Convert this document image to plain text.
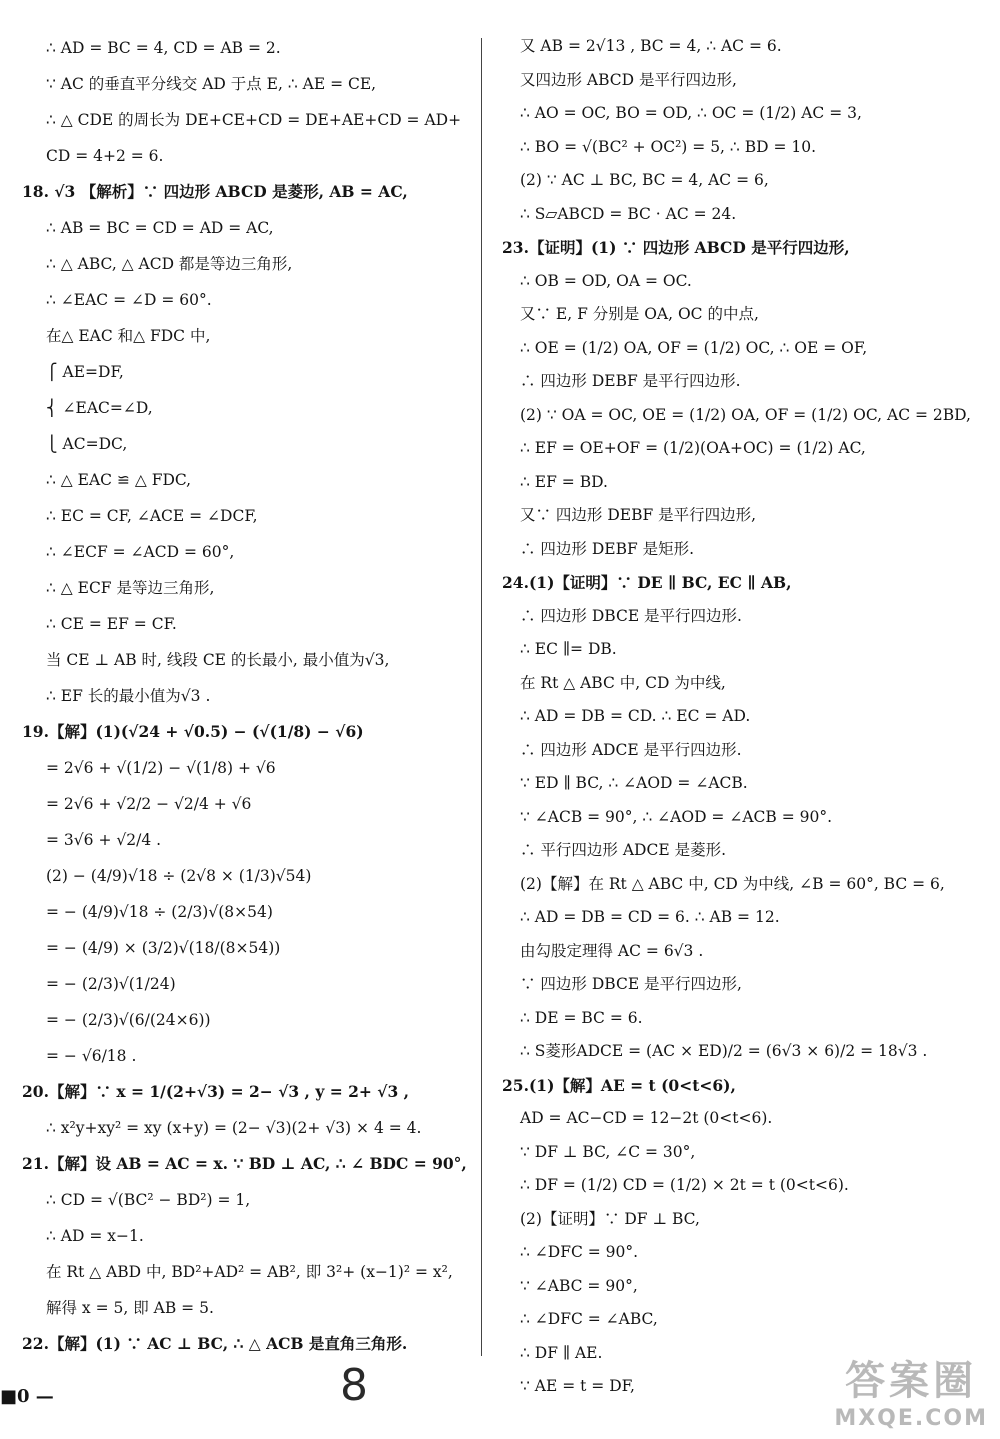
∴ AD = BC = 4, CD = AB = 2.

∵ AC 的垂直平分线交 AD 于点 E, ∴ AE = CE,

∴ △ CDE 的周长为 DE+CE+CD = DE+AE+CD = AD+

CD = 4+2 = 6.

18. √3 【解析】∵ 四边形 ABCD 是菱形, AB = AC,

∴ AB = BC = CD = AD = AC,

∴ △ ABC, △ ACD 都是等边三角形,

∴ ∠EAC = ∠D = 60°.

在△ EAC 和△ FDC 中,

⎧ AE=DF,

⎨ ∠EAC=∠D,

⎩ AC=DC,

∴ △ EAC ≌ △ FDC,

∴ EC = CF, ∠ACE = ∠DCF,

∴ ∠ECF = ∠ACD = 60°,

∴ △ ECF 是等边三角形,

∴ CE = EF = CF.

当 CE ⊥ AB 时, 线段 CE 的长最小, 最小值为√3,

∴ EF 长的最小值为√3 .

19.【解】(1)(√24 + √0.5) − (√(1/8) − √6)

= 2√6 + √(1/2) − √(1/8) + √6

= 2√6 + √2/2 − √2/4 + √6

= 3√6 + √2/4 .

(2) − (4/9)√18 ÷ (2√8 × (1/3)√54)

= − (4/9)√18 ÷ (2/3)√(8×54)

= − (4/9) × (3/2)√(18/(8×54))

= − (2/3)√(1/24)

= − (2/3)√(6/(24×6))

= − √6/18 .

20.【解】∵ x = 1/(2+√3) = 2− √3 , y = 2+ √3 ,

∴ x²y+xy² = xy (x+y) = (2− √3)(2+ √3) × 4 = 4.

21.【解】设 AB = AC = x. ∵ BD ⊥ AC, ∴ ∠ BDC = 90°,

∴ CD = √(BC² − BD²) = 1,

∴ AD = x−1.

在 Rt △ ABD 中, BD²+AD² = AB², 即 3²+ (x−1)² = x²,

解得 x = 5, 即 AB = 5.

22.【解】(1) ∵ AC ⊥ BC, ∴ △ ACB 是直角三角形.

又 AB = 2√13 , BC = 4, ∴ AC = 6.

又四边形 ABCD 是平行四边形,

∴ AO = OC, BO = OD, ∴ OC = (1/2) AC = 3,

∴ BO = √(BC² + OC²) = 5, ∴ BD = 10.

(2) ∵ AC ⊥ BC, BC = 4, AC = 6,

∴ S▱ABCD = BC · AC = 24.

23.【证明】(1) ∵ 四边形 ABCD 是平行四边形,

∴ OB = OD, OA = OC.

又∵ E, F 分别是 OA, OC 的中点,

∴ OE = (1/2) OA, OF = (1/2) OC, ∴ OE = OF,

∴ 四边形 DEBF 是平行四边形.

(2) ∵ OA = OC, OE = (1/2) OA, OF = (1/2) OC, AC = 2BD,

∴ EF = OE+OF = (1/2)(OA+OC) = (1/2) AC,

∴ EF = BD.

又∵ 四边形 DEBF 是平行四边形,

∴ 四边形 DEBF 是矩形.

24.(1)【证明】∵ DE ∥ BC, EC ∥ AB,

∴ 四边形 DBCE 是平行四边形.

∴ EC ∥= DB.

在 Rt △ ABC 中, CD 为中线,

∴ AD = DB = CD. ∴ EC = AD.

∴ 四边形 ADCE 是平行四边形.

∵ ED ∥ BC, ∴ ∠AOD = ∠ACB.

∵ ∠ACB = 90°, ∴ ∠AOD = ∠ACB = 90°.

∴ 平行四边形 ADCE 是菱形.

(2)【解】在 Rt △ ABC 中, CD 为中线, ∠B = 60°, BC = 6,

∴ AD = DB = CD = 6. ∴ AB = 12.

由勾股定理得 AC = 6√3 .

∵ 四边形 DBCE 是平行四边形,

∴ DE = BC = 6.

∴ S菱形ADCE = (AC × ED)/2 = (6√3 × 6)/2 = 18√3 .

25.(1)【解】AE = t (0<t<6),

AD = AC−CD = 12−2t (0<t<6).

∵ DF ⊥ BC, ∠C = 30°,

∴ DF = (1/2) CD = (1/2) × 2t = t (0<t<6).

(2)【证明】∵ DF ⊥ BC,

∴ ∠DFC = 90°.

∵ ∠ABC = 90°,

∴ ∠DFC = ∠ABC,

∴ DF ∥ AE.

∵ AE = t = DF,

■0 —	8	答案圈
MXQE.COM
